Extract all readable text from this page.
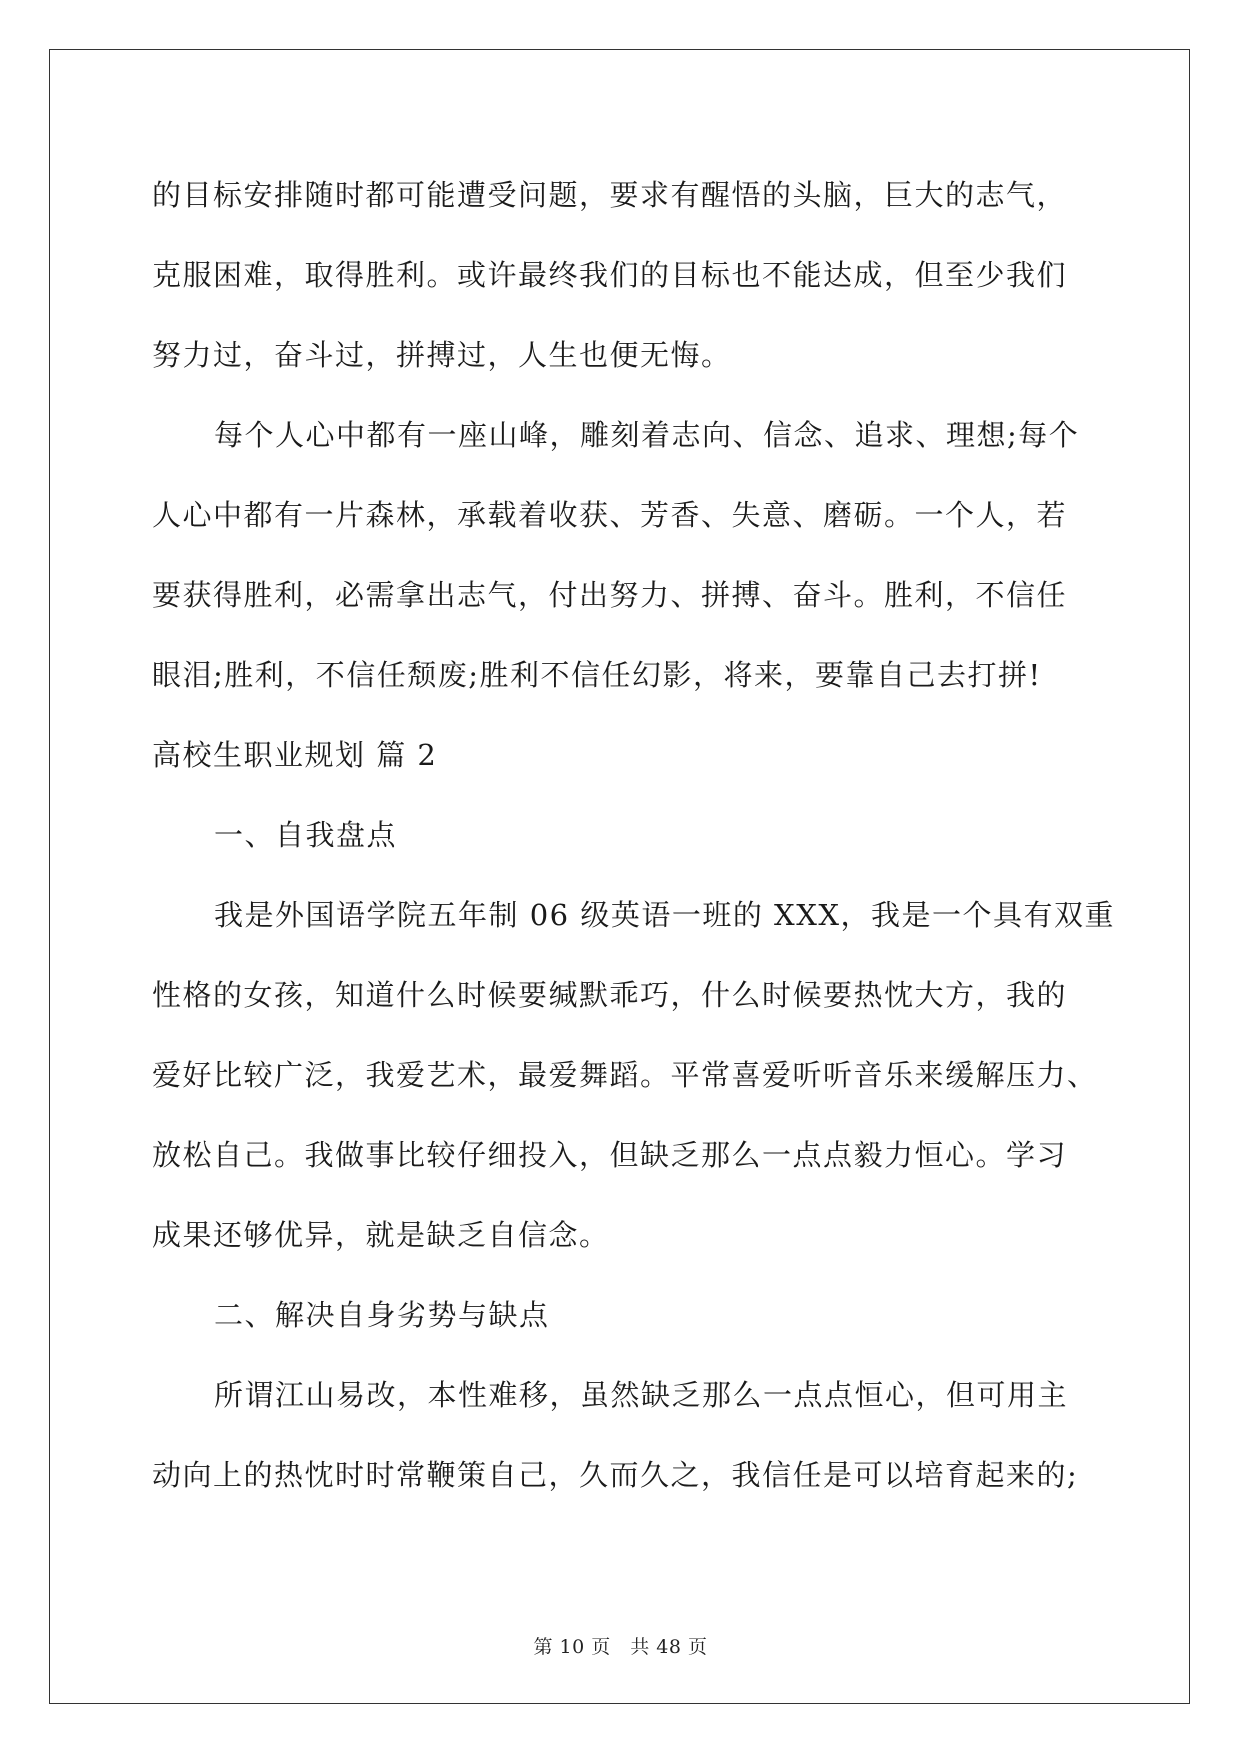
的目标安排随时都可能遭受问题，要求有醒悟的头脑，巨大的志气，
克服困难，取得胜利。或许最终我们的目标也不能达成，但至少我们
努力过，奋斗过，拼搏过，人生也便无悔。
每个人心中都有一座山峰，雕刻着志向、信念、追求、理想;每个
人心中都有一片森林，承载着收获、芳香、失意、磨砺。一个人，若
要获得胜利，必需拿出志气，付出努力、拼搏、奋斗。胜利，不信任
眼泪;胜利，不信任颓废;胜利不信任幻影，将来，要靠自己去打拼!
高校生职业规划 篇 2
一、自我盘点
我是外国语学院五年制 06 级英语一班的 XXX，我是一个具有双重
性格的女孩，知道什么时候要缄默乖巧，什么时候要热忱大方，我的
爱好比较广泛，我爱艺术，最爱舞蹈。平常喜爱听听音乐来缓解压力、
放松自己。我做事比较仔细投入，但缺乏那么一点点毅力恒心。学习
成果还够优异，就是缺乏自信念。
二、解决自身劣势与缺点
所谓江山易改，本性难移，虽然缺乏那么一点点恒心，但可用主
动向上的热忱时时常鞭策自己，久而久之，我信任是可以培育起来的;
第 10 页　共 48 页
